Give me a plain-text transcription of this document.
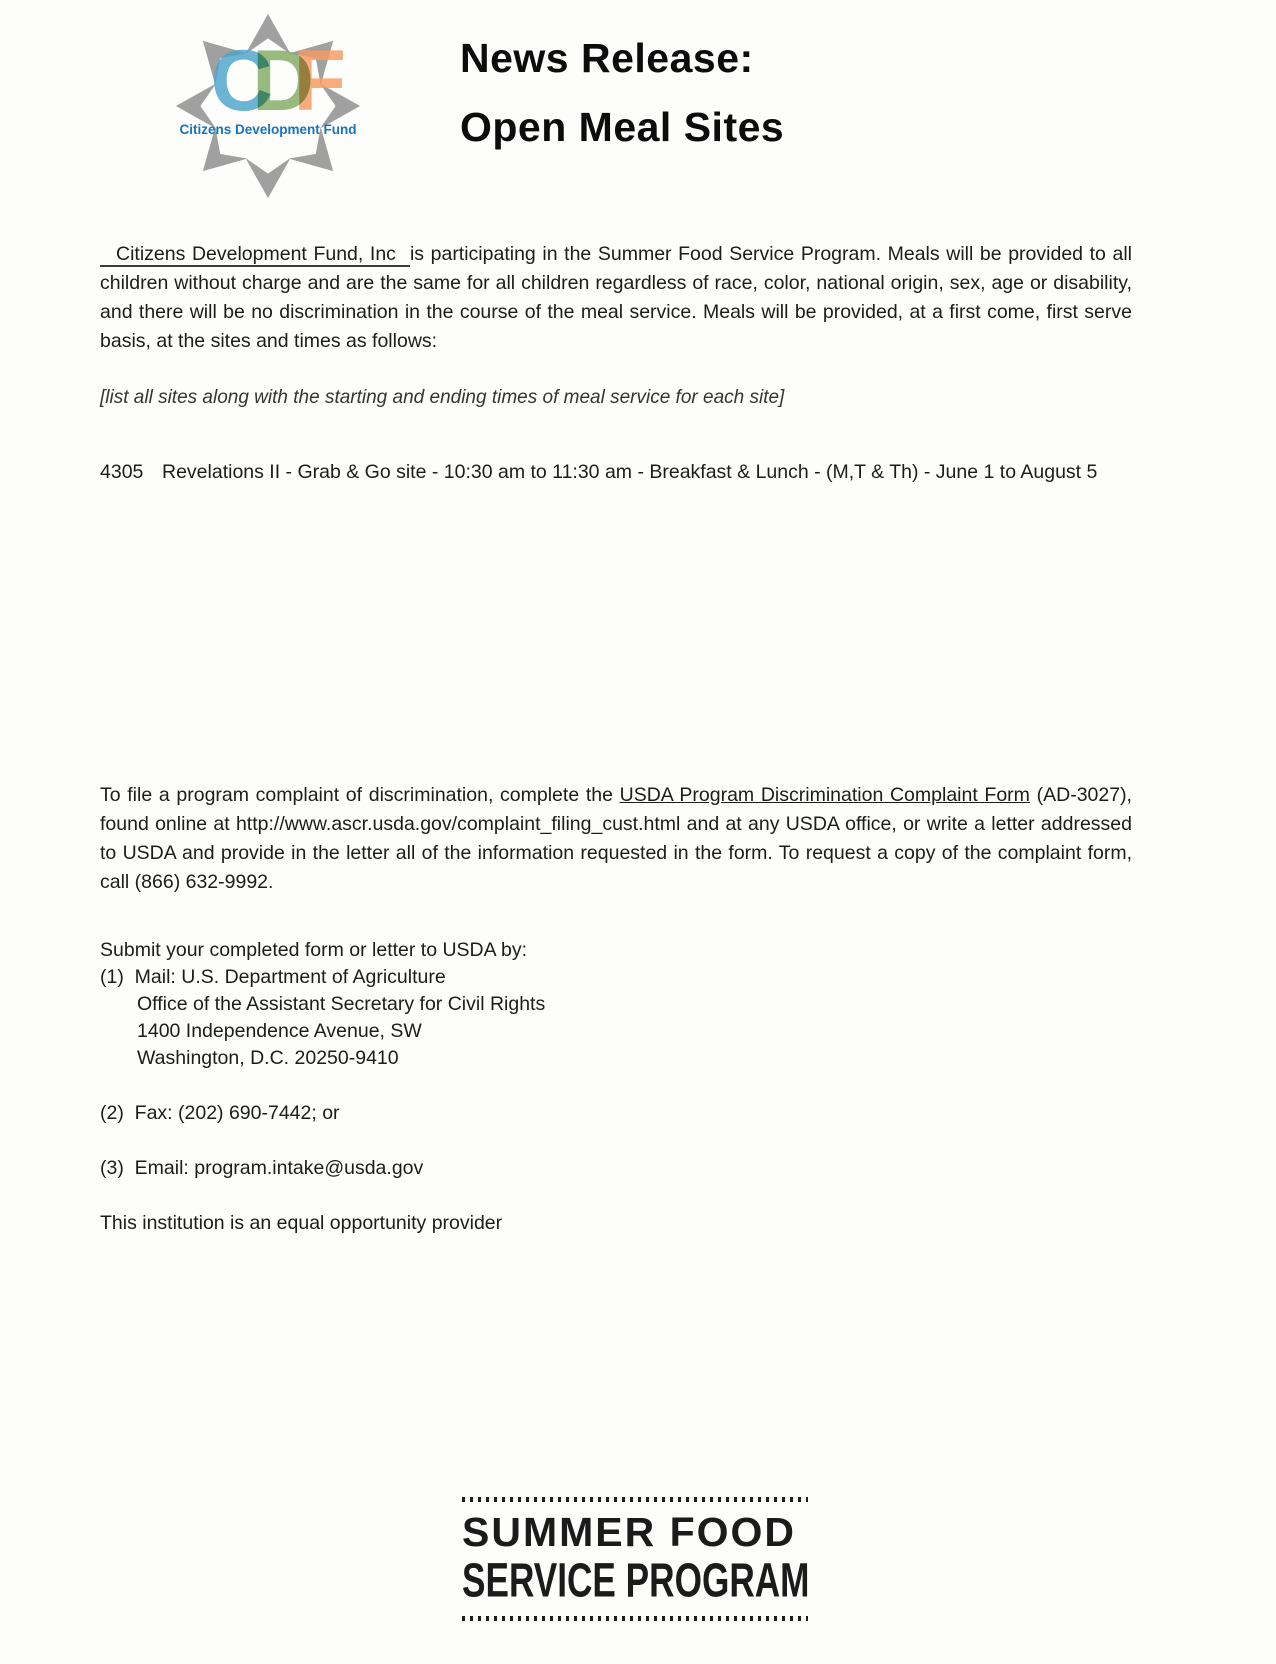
C D F
Citizens Development Fund
News Release:
Open Meal Sites

Citizens Development Fund, Inc is participating in the Summer Food Service Program. Meals will be provided to all children without charge and are the same for all children regardless of race, color, national origin, sex, age or disability, and there will be no discrimination in the course of the meal service. Meals will be provided, at a first come, first serve basis, at the sites and times as follows:

[list all sites along with the starting and ending times of meal service for each site]
4305 Revelations II - Grab & Go site - 10:30 am to 11:30 am - Breakfast & Lunch - (M,T & Th) - June 1 to August 5

To file a program complaint of discrimination, complete the USDA Program Discrimination Complaint Form (AD-3027), found online at http://www.ascr.usda.gov/complaint_filing_cust.html and at any USDA office, or write a letter addressed to USDA and provide in the letter all of the information requested in the form. To request a copy of the complaint form, call (866) 632-9992.

Submit your completed form or letter to USDA by:
(1)  Mail: U.S. Department of Agriculture
Office of the Assistant Secretary for Civil Rights
1400 Independence Avenue, SW
Washington, D.C. 20250-9410
(2)  Fax: (202) 690-7442; or
(3)  Email: program.intake@usda.gov
This institution is an equal opportunity provider
SUMMER FOOD
SERVICE PROGRAM
